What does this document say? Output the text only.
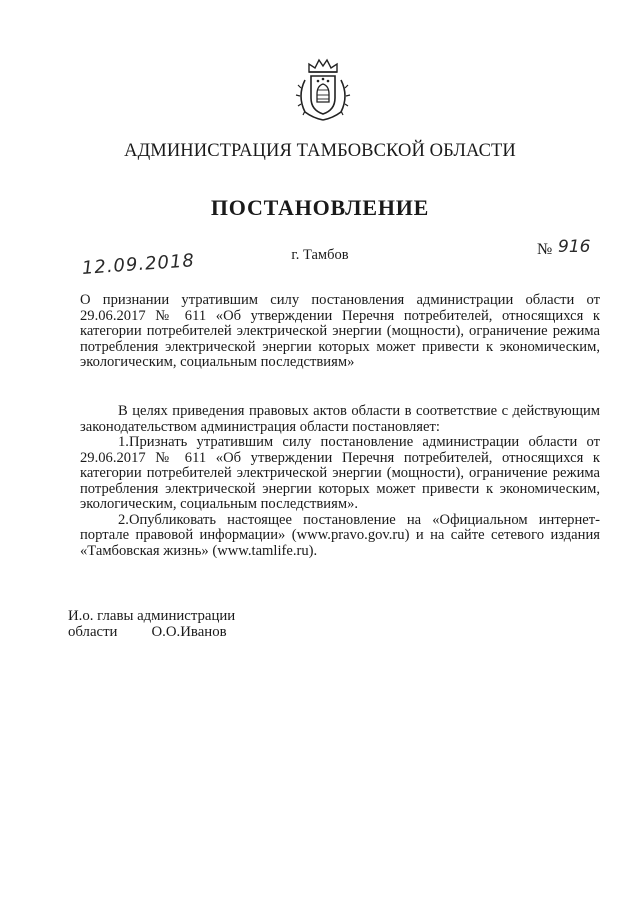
АДМИНИСТРАЦИЯ ТАМБОВСКОЙ ОБЛАСТИ
ПОСТАНОВЛЕНИЕ
12.09.2018	г. Тамбов	№ 916
О признании утратившим силу постановления администрации области от 29.06.2017 № 611 «Об утверждении Перечня потребителей, относящихся к категории потребителей электрической энергии (мощности), ограничение режима потребления электрической энергии которых может привести к экономическим, экологическим, социальным последствиям»

В целях приведения правовых актов области в соответствие с действующим законодательством администрация области постановляет:

1.Признать утратившим силу постановление администрации области от 29.06.2017 № 611 «Об утверждении Перечня потребителей, относящихся к категории потребителей электрической энергии (мощности), ограничение режима потребления электрической энергии которых может привести к экономическим, экологическим, социальным последствиям».

2.Опубликовать настоящее постановление на «Официальном интернет-портале правовой информации» (www.pravo.gov.ru) и на сайте сетевого издания «Тамбовская жизнь» (www.tamlife.ru).

И.о. главы администрации
области О.О.Иванов
